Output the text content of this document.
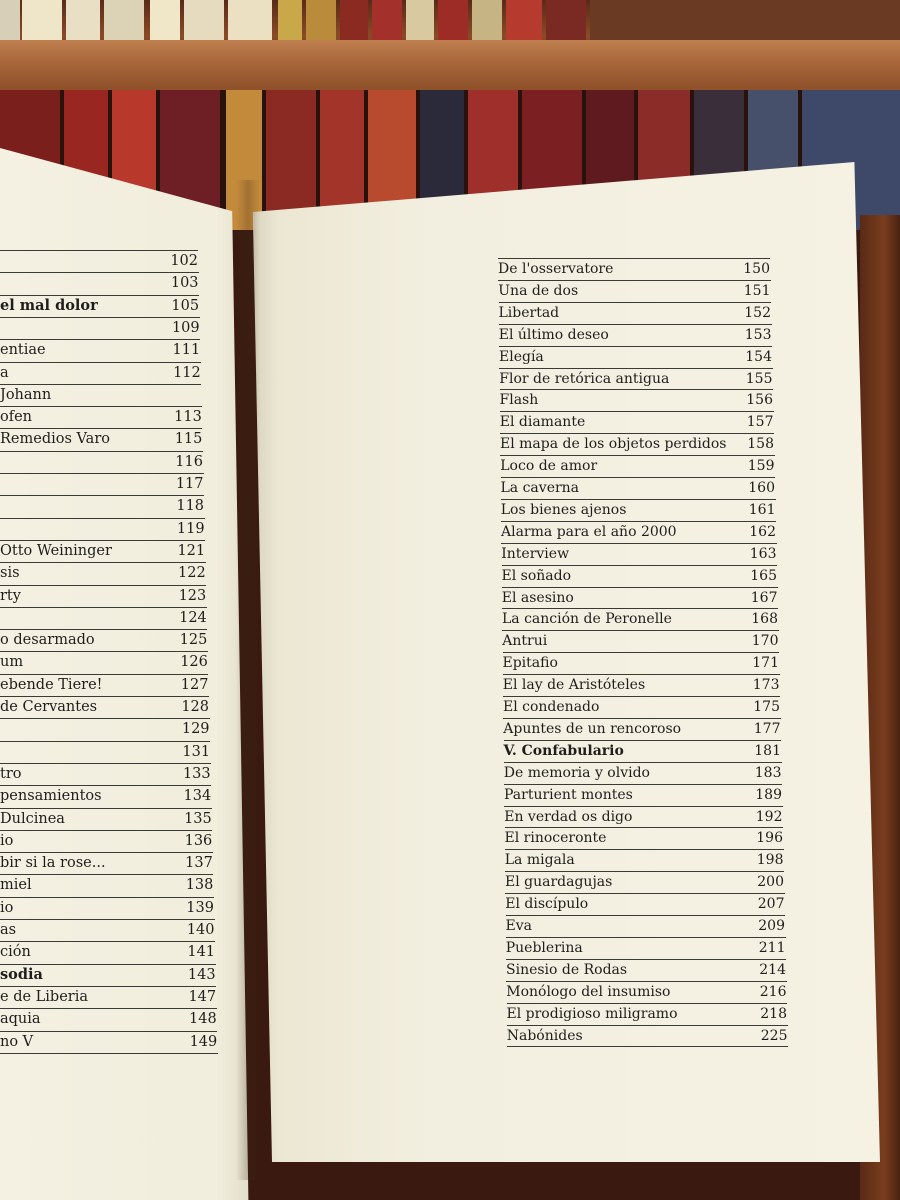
102
103
el mal dolor	105
109
entiae	111
a	112
Johann
ofen	113
Remedios Varo	115
116
117
118
119
Otto Weininger	121
sis	122
rty	123
124
o desarmado	125
um	126
ebende Tiere!	127
de Cervantes	128
129
131
tro	133
pensamientos	134
Dulcinea	135
io	136
bir si la rose...	137
miel	138
io	139
as	140
ción	141
sodia	143
e de Liberia	147
aquia	148
no V	149
De l'osservatore	150
Una de dos	151
Libertad	152
El último deseo	153
Elegía	154
Flor de retórica antigua	155
Flash	156
El diamante	157
El mapa de los objetos perdidos 158
Loco de amor	159
La caverna	160
Los bienes ajenos	161
Alarma para el año 2000	162
Interview	163
El soñado	165
El asesino	167
La canción de Peronelle	168
Antrui	170
Epitafio	171
El lay de Aristóteles	173
El condenado	175
Apuntes de un rencoroso	177
V. Confabulario	181
De memoria y olvido	183
Parturient montes	189
En verdad os digo	192
El rinoceronte	196
La migala	198
El guardagujas	200
El discípulo	207
Eva	209
Pueblerina	211
Sinesio de Rodas	214
Monólogo del insumiso	216
El prodigioso miligramo	218
Nabónides	225
